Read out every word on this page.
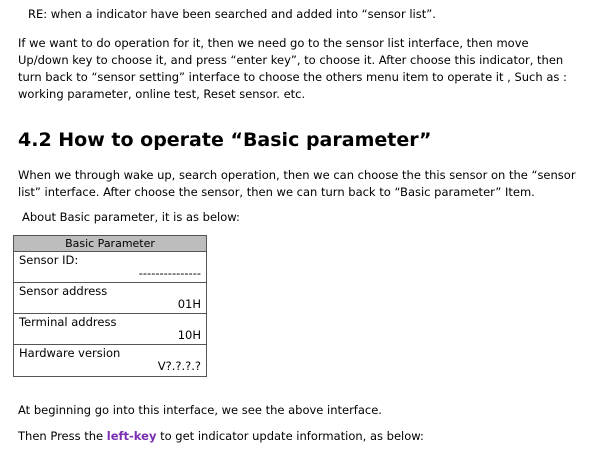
RE: when a indicator have been searched and added into “sensor list”.
If we want to do operation for it, then we need go to the sensor list interface, then move
Up/down key to choose it, and press “enter key”, to choose it. After choose this indicator, then
turn back to “sensor setting” interface to choose the others menu item to operate it , Such as :
working parameter, online test, Reset sensor. etc.
4.2 How to operate “Basic parameter”
When we through wake up, search operation, then we can choose the this sensor on the “sensor
list” interface. After choose the sensor, then we can turn back to “Basic parameter” Item.
About Basic parameter, it is as below:
Basic Parameter
Sensor ID:
---------------
Sensor address
01H
Terminal address
10H
Hardware version
V?.?.?.?
At beginning go into this interface, we see the above interface.
Then Press the left-key to get indicator update information, as below:
